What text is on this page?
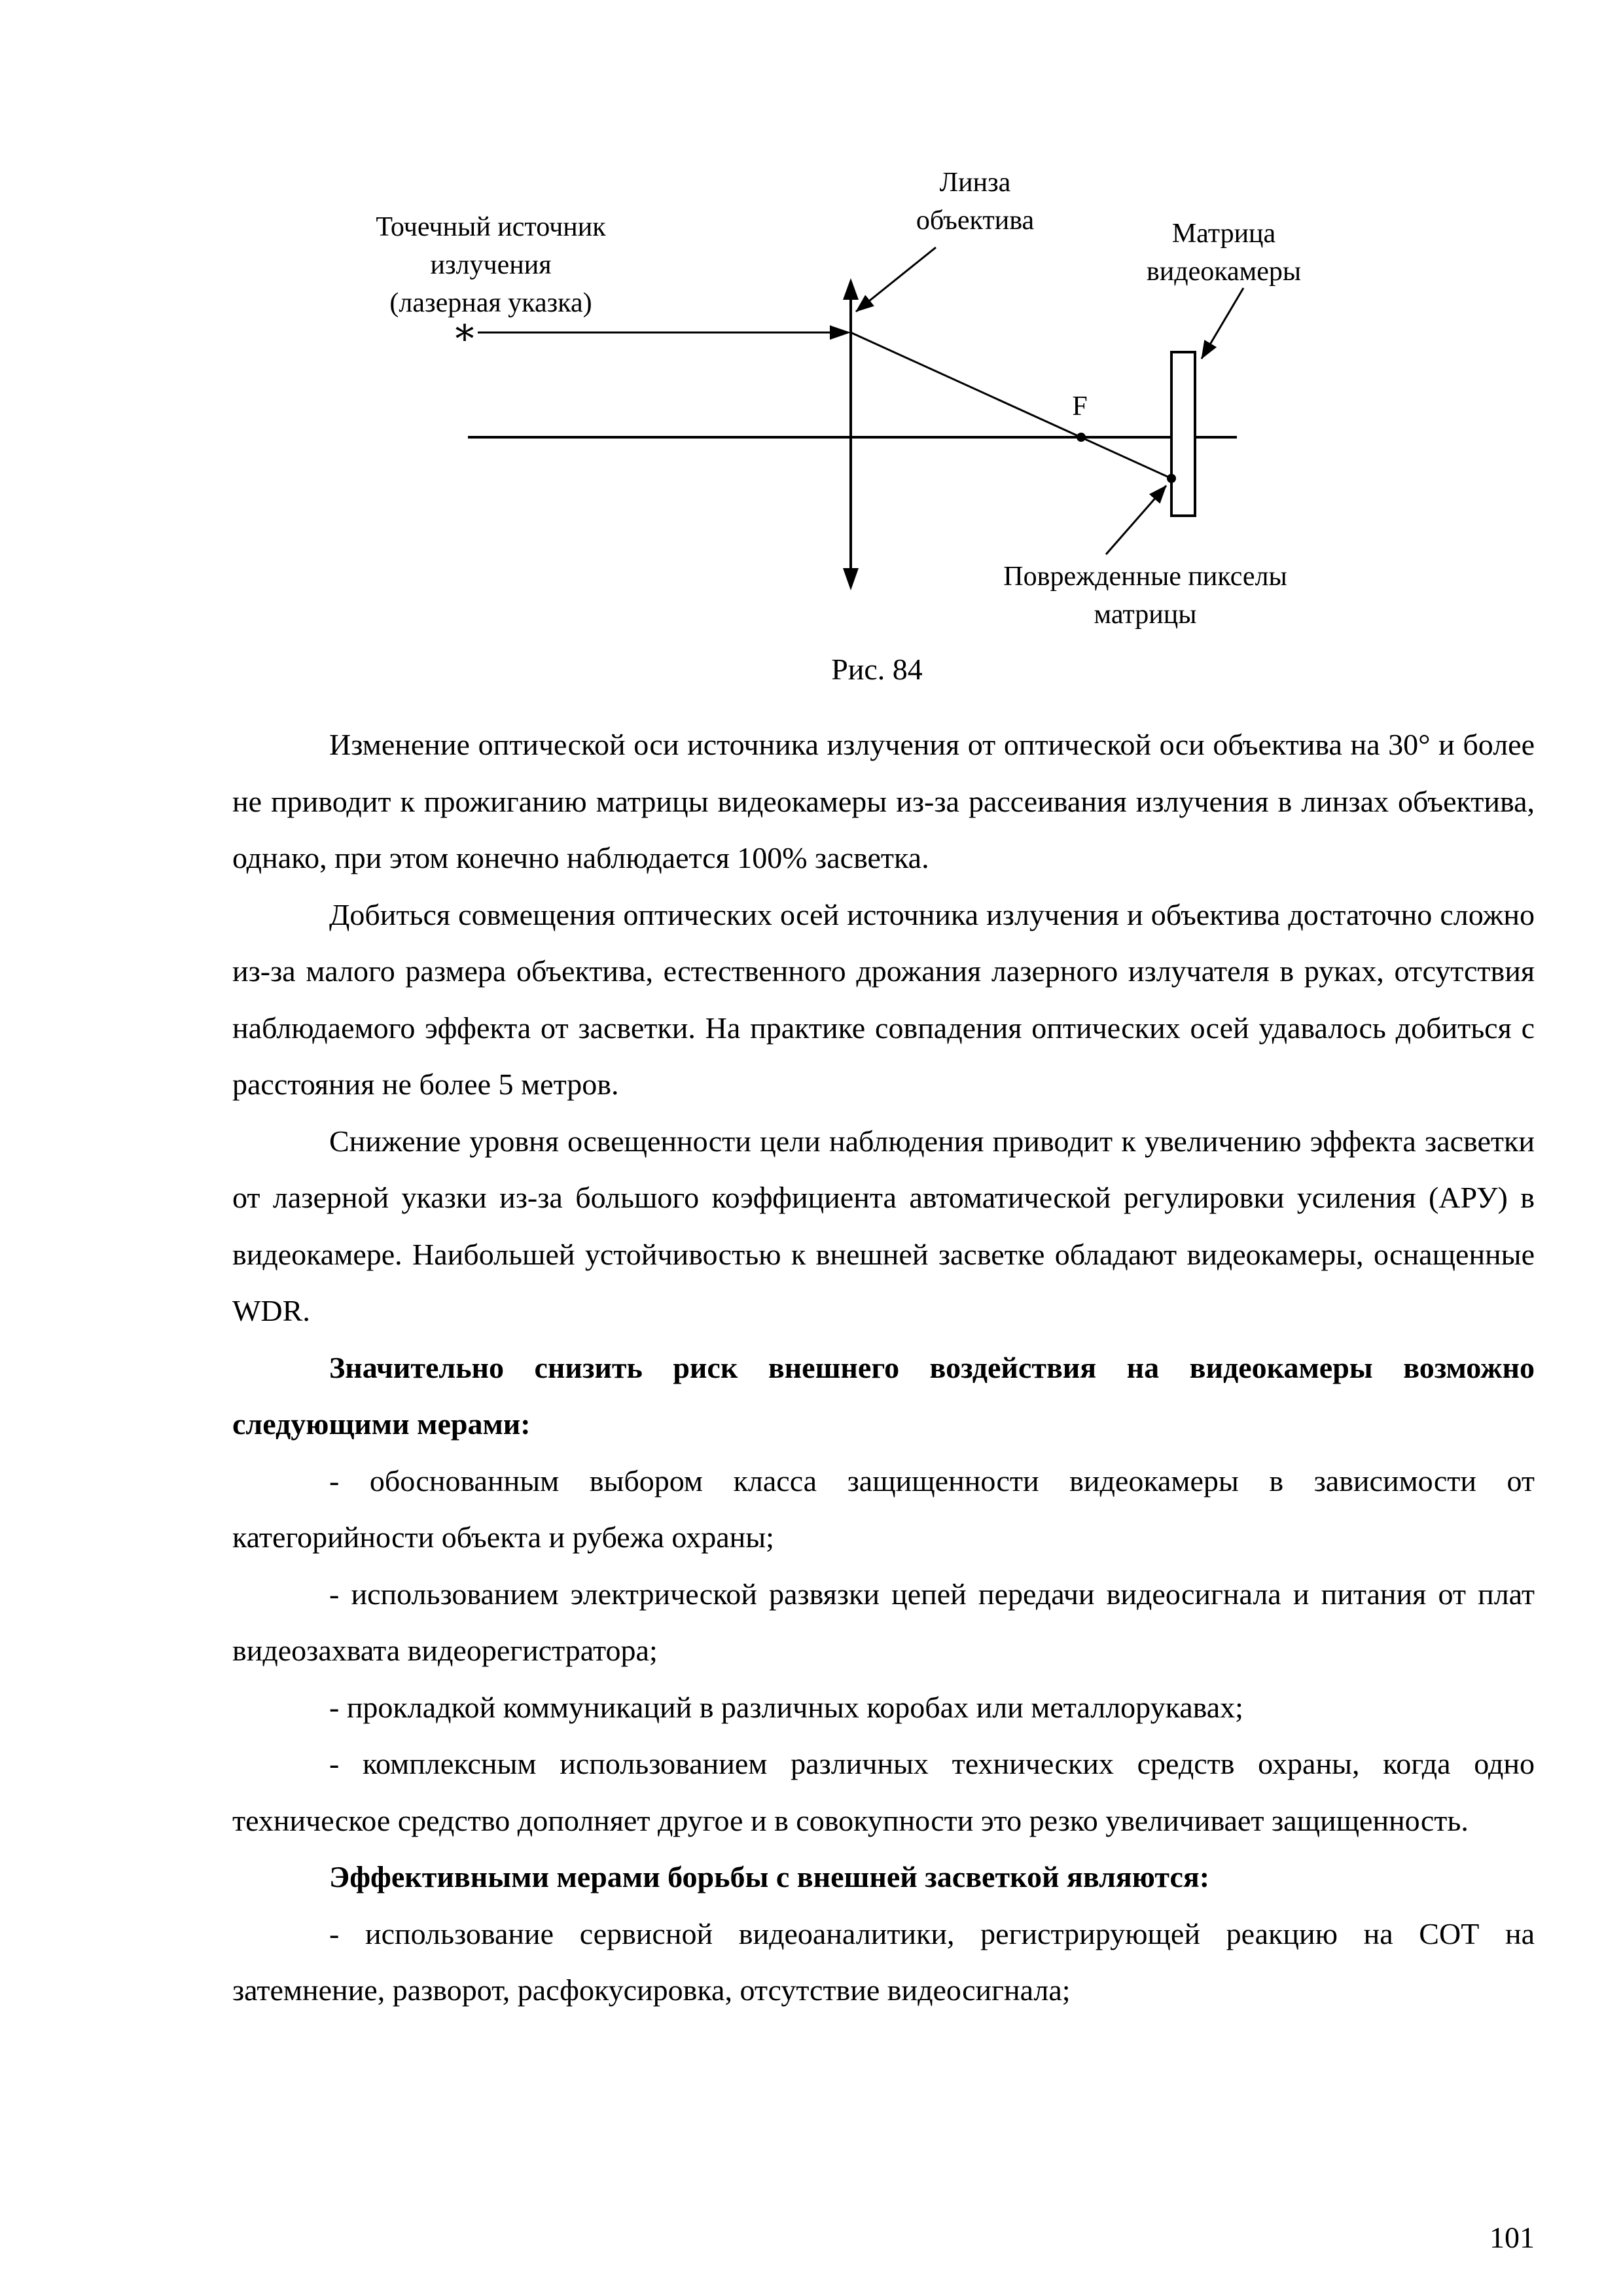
Точечный источник
излучения
(лазерная указка)
∗
Линза
объектива	Матрица
видеокамеры
F
Поврежденные пикселы
матрицы
Рис. 84

Изменение оптической оси источника излучения от оптической оси объектива на 30° и более не приводит к прожиганию матрицы видеокамеры из-за рассеивания излучения в линзах объектива, однако, при этом конечно наблюдается 100% засветка.

Добиться совмещения оптических осей источника излучения и объектива достаточно сложно из-за малого размера объектива, естественного дрожания лазерного излучателя в руках, отсутствия наблюдаемого эффекта от засветки. На практике совпадения оптических осей удавалось добиться с расстояния не более 5 метров.

Снижение уровня освещенности цели наблюдения приводит к увеличению эффекта засветки от лазерной указки из-за большого коэффициента автоматической регулировки усиления (АРУ) в видеокамере. Наибольшей устойчивостью к внешней засветке обладают видеокамеры, оснащенные WDR.

Значительно снизить риск внешнего воздействия на видеокамеры возможно следующими мерами:

- обоснованным выбором класса защищенности видеокамеры в зависимости от категорийности объекта и рубежа охраны;

- использованием электрической развязки цепей передачи видеосигнала и питания от плат видеозахвата видеорегистратора;

- прокладкой коммуникаций в различных коробах или металлорукавах;

- комплексным использованием различных технических средств охраны, когда одно техническое средство дополняет другое и в совокупности это резко увеличивает защищенность.

Эффективными мерами борьбы с внешней засветкой являются:

- использование сервисной видеоаналитики, регистрирующей реакцию на СОТ на затемнение, разворот, расфокусировка, отсутствие видеосигнала;

101
